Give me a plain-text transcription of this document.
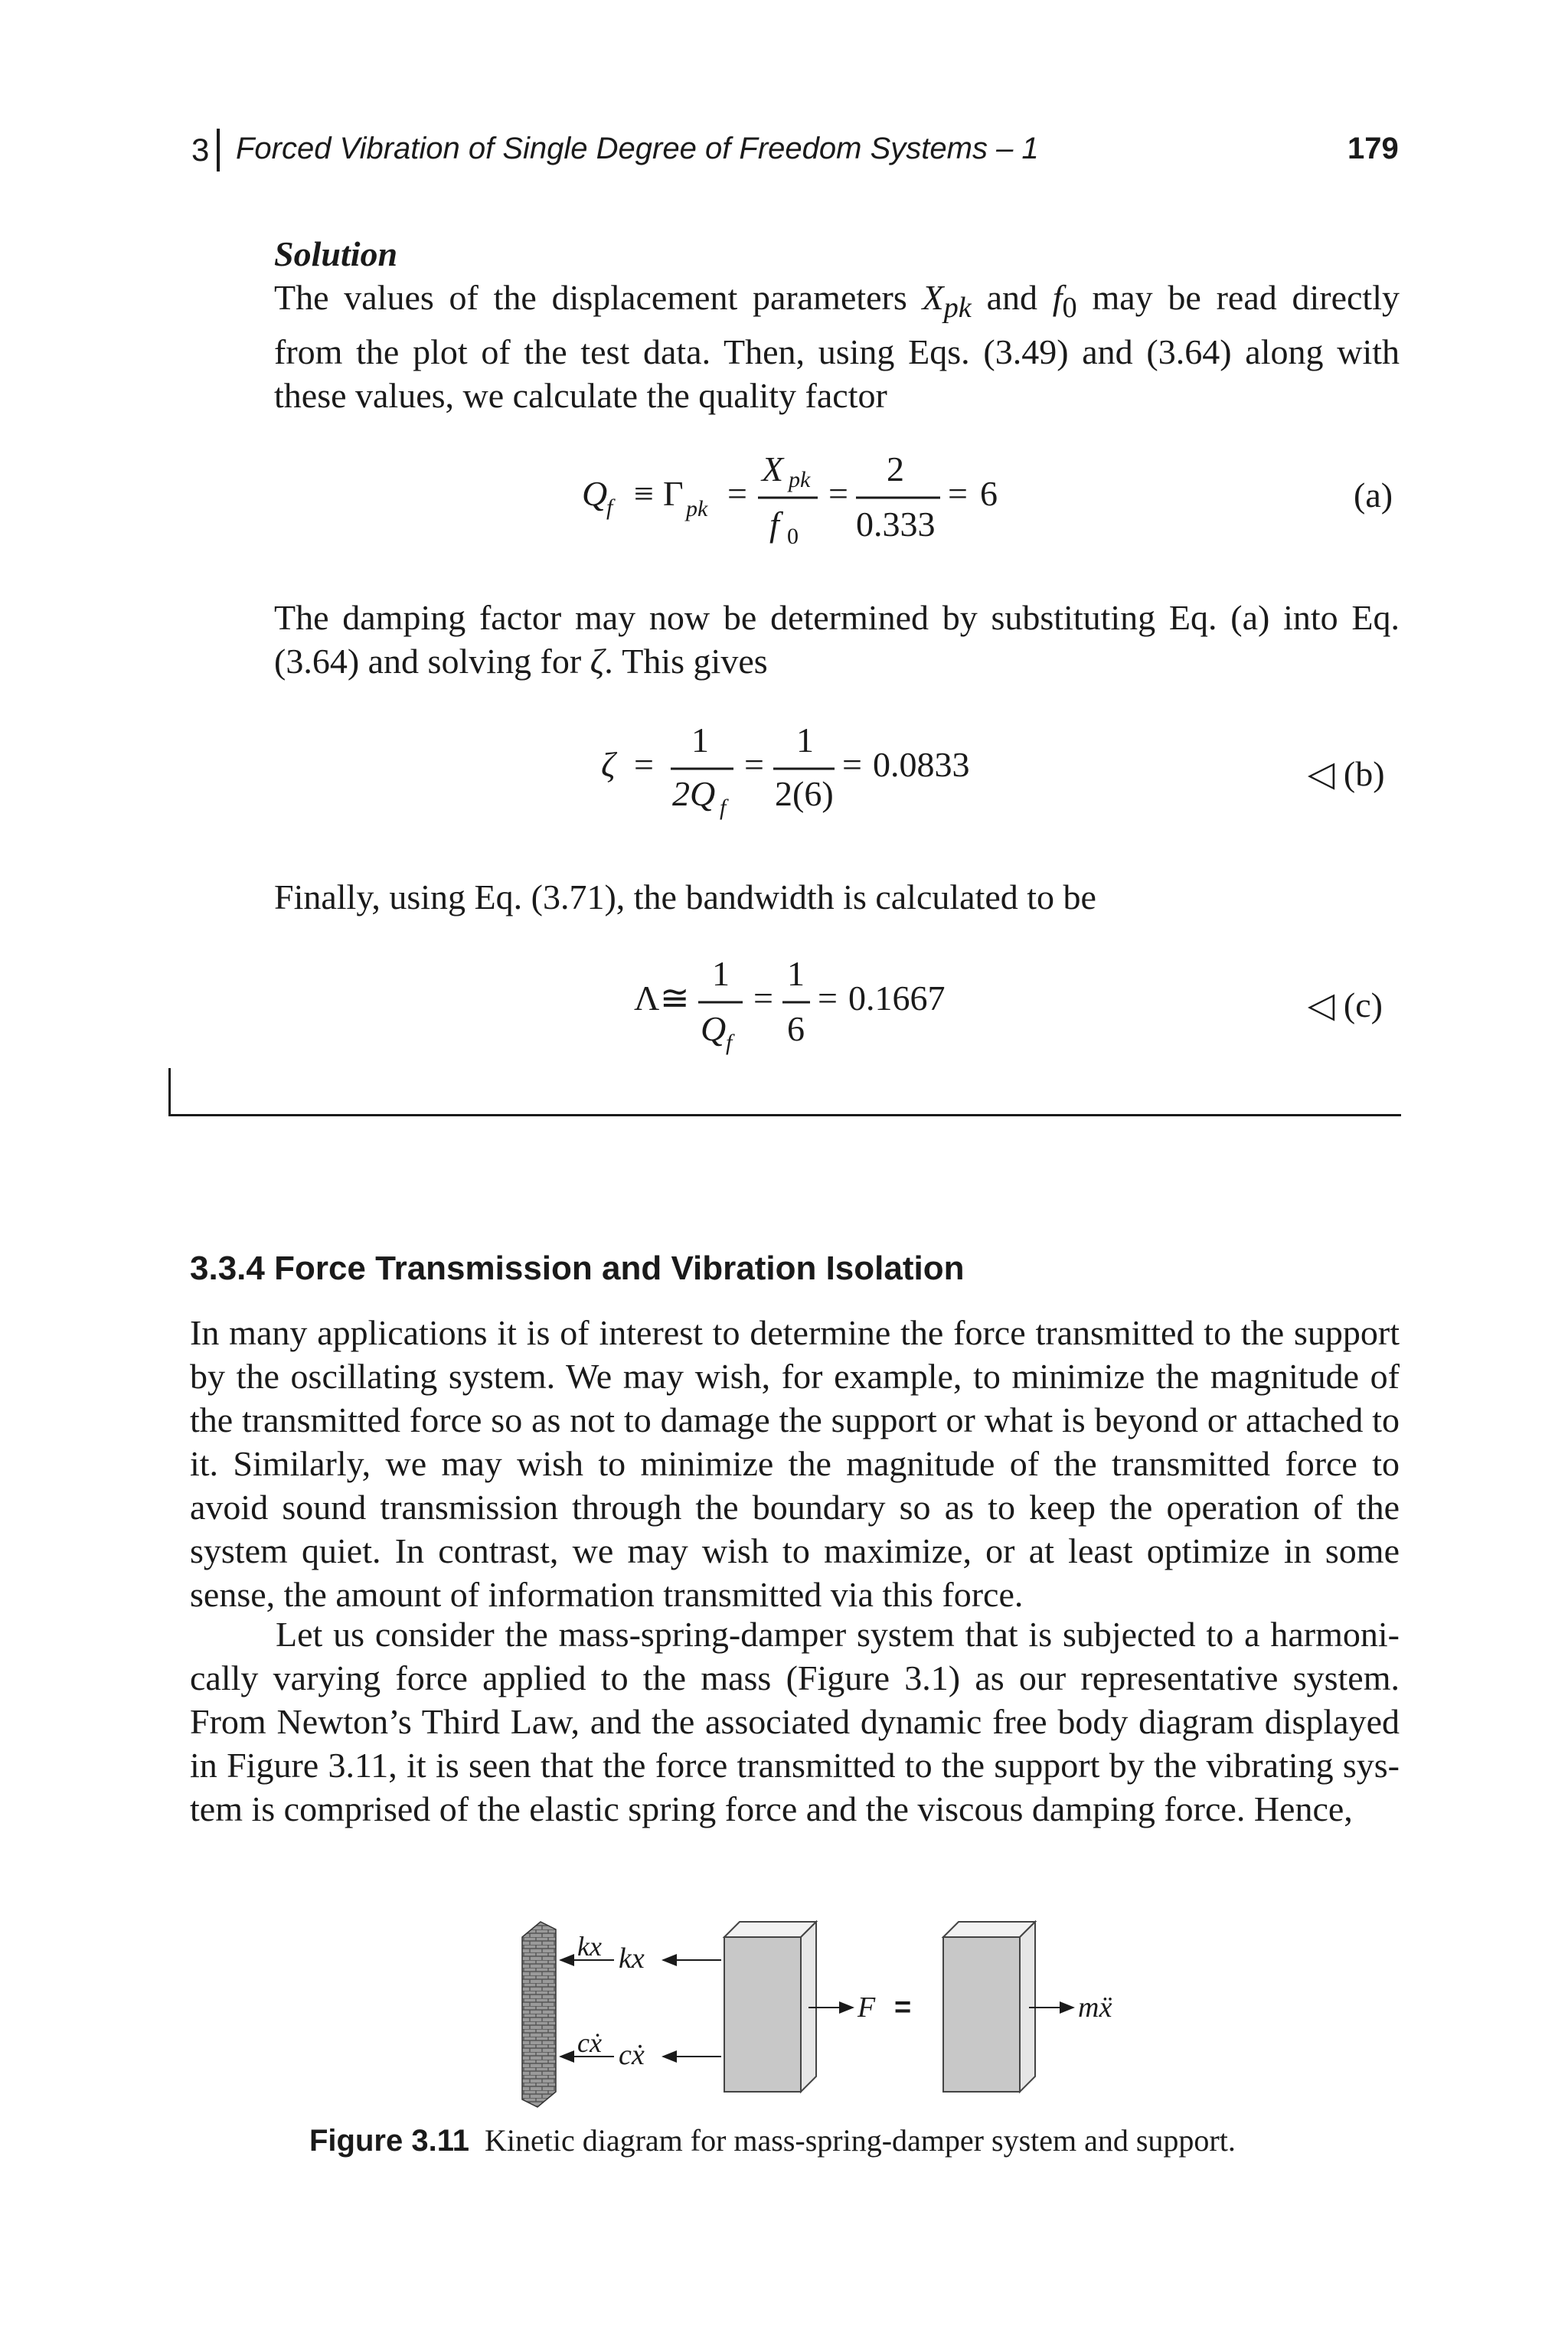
3 Forced Vibration of Single Degree of Freedom Systems – 1	179
Solution
The values of the displacement parameters $X_{pk}$ and $f_0$ may be read directly from the plot of the test data. Then, using Eqs. (3.49) and (3.64) along with these values, we calculate the quality factor
Q
f ≡ Γ pk =
X pk
f 0
=
2
0.333
= 6	(a)
The damping factor may now be determined by substituting Eq. (a) into Eq. (3.64) and solving for ζ. This gives
ζ =
1
2Q f
=
1
2(6)
= 0.0833	◁ (b)
Finally, using Eq. (3.71), the bandwidth is calculated to be
Λ ≅
1
Q f
=
1
6
= 0.1667	◁ (c)
3.3.4 Force Transmission and Vibration Isolation
In many applications it is of interest to determine the force transmitted to the support by the oscillating system. We may wish, for example, to minimize the magnitude of the transmitted force so as not to damage the support or what is beyond or attached to it. Similarly, we may wish to minimize the magnitude of the transmitted force to avoid sound transmission through the boundary so as to keep the operation of the system quiet. In contrast, we may wish to maximize, or at least optimize in some sense, the amount of information transmitted via this force.
Let us consider the mass-spring-damper system that is subjected to a harmoni-cally varying force applied to the mass (Figure 3.1) as our representative system. From Newton’s Third Law, and the associated dynamic free body diagram displayed in Figure 3.11, it is seen that the force transmitted to the support by the vibrating sys-tem is comprised of the elastic spring force and the viscous damping force. Hence,
kx
cẋ
kx
cẋ
F =	mẍ
Figure 3.11 Kinetic diagram for mass-spring-damper system and support.
